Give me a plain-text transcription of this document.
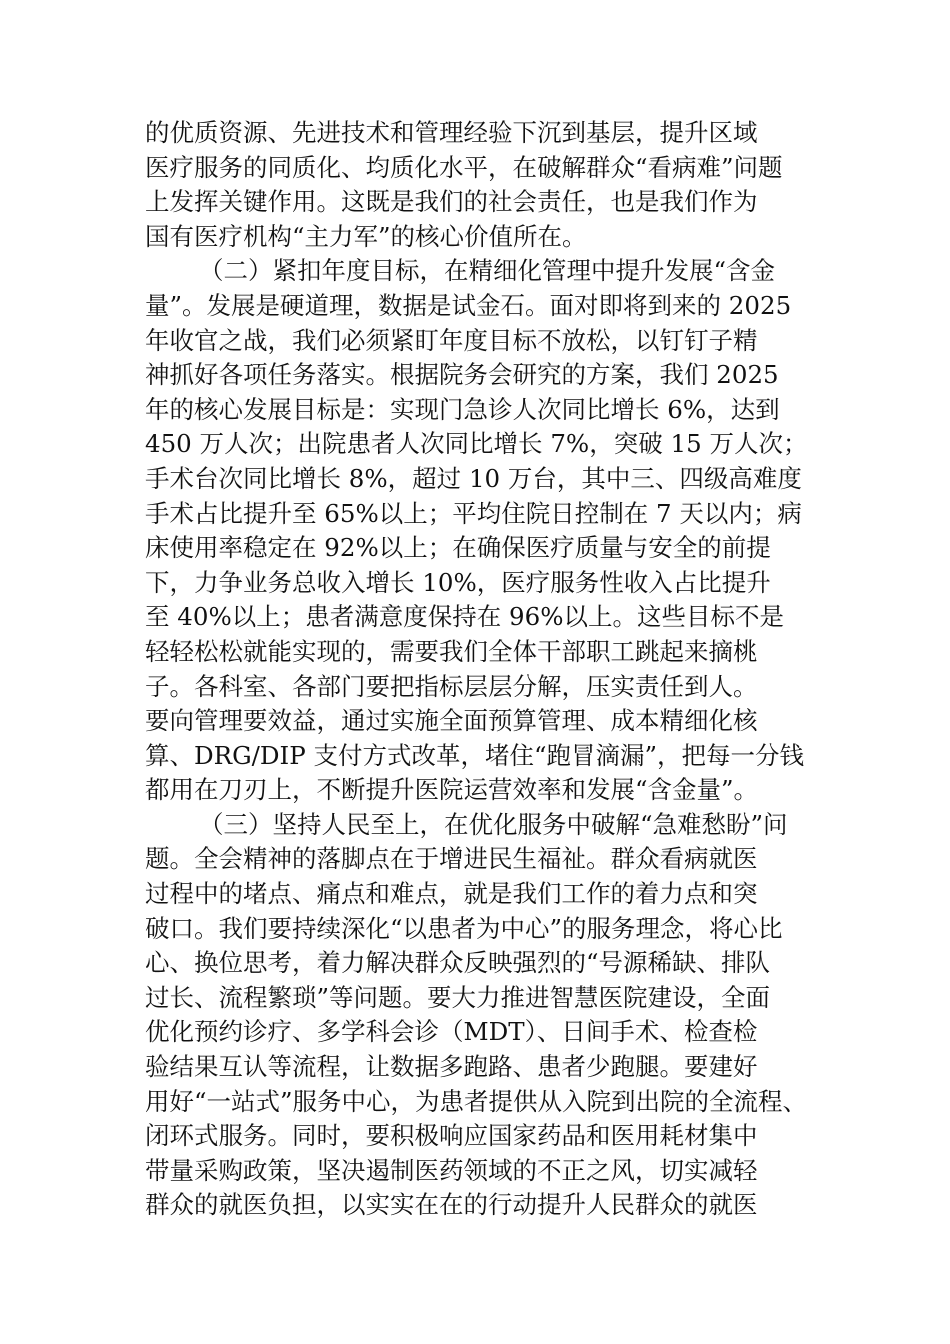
的优质资源、先进技术和管理经验下沉到基层，提升区域
医疗服务的同质化、均质化水平，在破解群众“看病难”问题
上发挥关键作用。这既是我们的社会责任，也是我们作为
国有医疗机构“主力军”的核心价值所在。
（二）紧扣年度目标，在精细化管理中提升发展“含金
量”。发展是硬道理，数据是试金石。面对即将到来的 2025
年收官之战，我们必须紧盯年度目标不放松，以钉钉子精
神抓好各项任务落实。根据院务会研究的方案，我们 2025
年的核心发展目标是：实现门急诊人次同比增长 6%，达到
450 万人次；出院患者人次同比增长 7%，突破 15 万人次；
手术台次同比增长 8%，超过 10 万台，其中三、四级高难度
手术占比提升至 65%以上；平均住院日控制在 7 天以内；病
床使用率稳定在 92%以上；在确保医疗质量与安全的前提
下，力争业务总收入增长 10%，医疗服务性收入占比提升
至 40%以上；患者满意度保持在 96%以上。这些目标不是
轻轻松松就能实现的，需要我们全体干部职工跳起来摘桃
子。各科室、各部门要把指标层层分解，压实责任到人。
要向管理要效益，通过实施全面预算管理、成本精细化核
算、DRG/DIP 支付方式改革，堵住“跑冒滴漏”，把每一分钱
都用在刀刃上，不断提升医院运营效率和发展“含金量”。
（三）坚持人民至上，在优化服务中破解“急难愁盼”问
题。全会精神的落脚点在于增进民生福祉。群众看病就医
过程中的堵点、痛点和难点，就是我们工作的着力点和突
破口。我们要持续深化“以患者为中心”的服务理念，将心比
心、换位思考，着力解决群众反映强烈的“号源稀缺、排队
过长、流程繁琐”等问题。要大力推进智慧医院建设，全面
优化预约诊疗、多学科会诊（MDT）、日间手术、检查检
验结果互认等流程，让数据多跑路、患者少跑腿。要建好
用好“一站式”服务中心，为患者提供从入院到出院的全流程、
闭环式服务。同时，要积极响应国家药品和医用耗材集中
带量采购政策，坚决遏制医药领域的不正之风，切实减轻
群众的就医负担，以实实在在的行动提升人民群众的就医
